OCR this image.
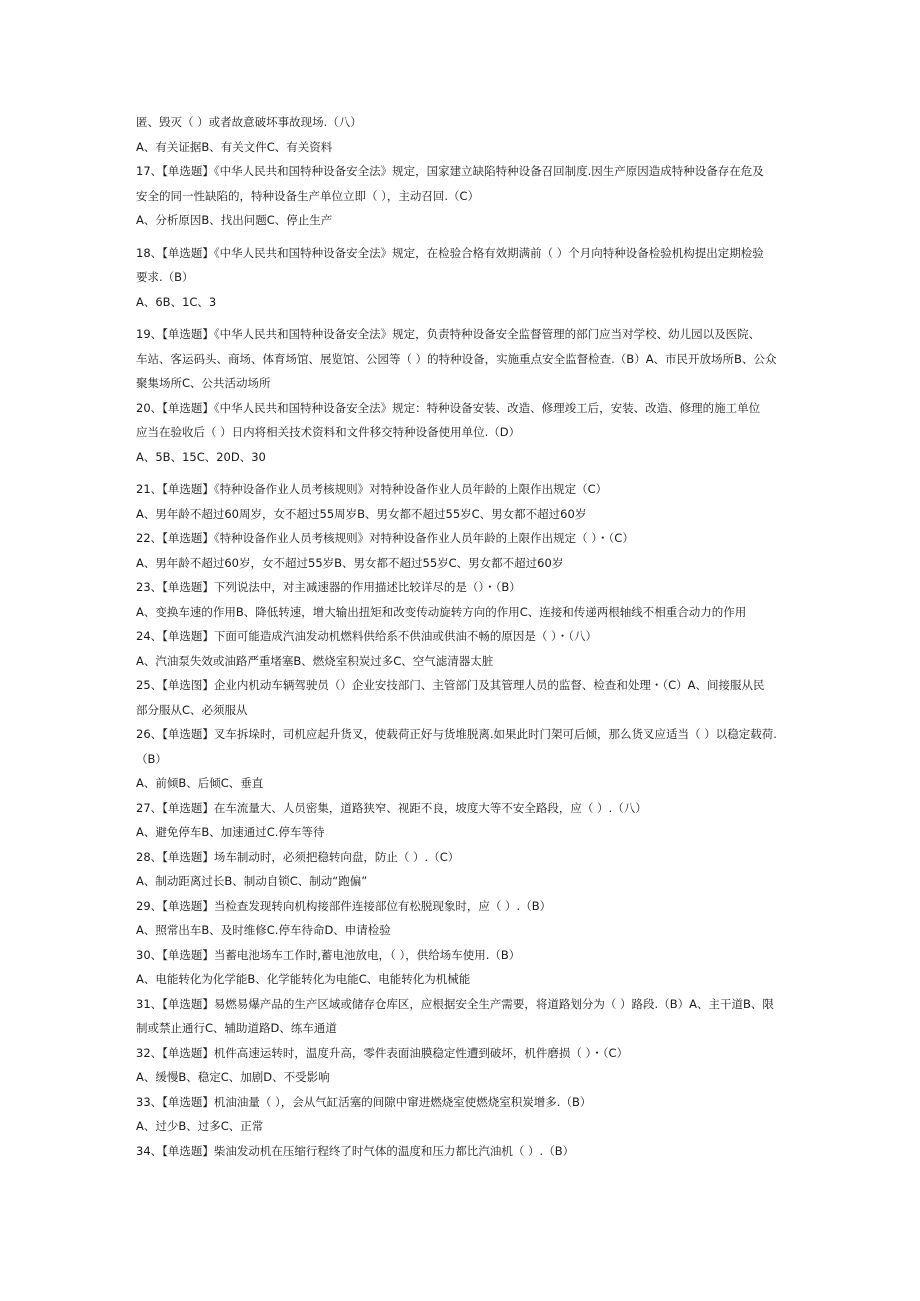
匿、毁灭（ ）或者故意破坏事故现场.（八）
A、有关证据B、有关文件C、有关资料
17、【单选题】《中华人民共和国特种设备安全法》规定，国家建立缺陷特种设备召回制度.因生产原因造成特种设备存在危及
安全的同一性缺陷的，特种设备生产单位立即（ ），主动召回.（C）
A、分析原因B、找出问题C、停止生产
18、【单选题】《中华人民共和国特种设备安全法》规定，在检验合格有效期满前（ ）个月向特种设备检验机构提出定期检验
要求.（B）
A、6B、1C、3
19、【单选题】《中华人民共和国特种设备安全法》规定，负责特种设备安全监督管理的部门应当对学校、幼儿园以及医院、
车站、客运码头、商场、体育场馆、展览馆、公园等（ ）的特种设备，实施重点安全监督检查.（B）A、市民开放场所B、公众
聚集场所C、公共活动场所
20、【单选题】《中华人民共和国特种设备安全法》规定：特种设备安装、改造、修理竣工后，安装、改造、修理的施工单位
应当在验收后（ ）日内将相关技术资料和文件移交特种设备使用单位.（D）
A、5B、15C、20D、30
21、【单选题】《特种设备作业人员考核规则》对特种设备作业人员年龄的上限作出规定（C）
A、男年龄不超过60周岁，女不超过55周岁B、男女都不超过55岁C、男女都不超过60岁
22、【单选题】《特种设备作业人员考核规则》对特种设备作业人员年龄的上限作出规定（ ）・（C）
A、男年龄不超过60岁，女不超过55岁B、男女都不超过55岁C、男女都不超过60岁
23、【单选题】下列说法中，对主减速器的作用描述比较详尽的是（）・（B）
A、变换车速的作用B、降低转速，增大输出扭矩和改变传动旋转方向的作用C、连接和传递两根轴线不相重合动力的作用
24、【单选题】下面可能造成汽油发动机燃料供给系不供油或供油不畅的原因是（ ）・（八）
A、汽油泵失效或油路严重堵塞B、燃烧室积炭过多C、空气滤清器太脏
25、【单选图】企业内机动车辆驾驶员（）企业安技部门、主管部门及其管理人员的监督、检查和处理・（C）A、间接服从民
部分服从C、必须服从
26、【单选题】叉车拆垛时，司机应起升货叉，使载荷正好与货堆脱离.如果此时门架可后倾，那么货叉应适当（ ）以稳定载荷.
（B）
A、前倾B、后倾C、垂直
27、【单选题】在车流量大、人员密集，道路狭窄、视距不良，坡度大等不安全路段，应（ ）.（八）
A、避免停车B、加速通过C.停车等待
28、【单选题】场车制动时，必须把稳转向盘，防止（ ）.（C）
A、制动距离过长B、制动自锁C、制动“跑偏”
29、【单选题】当检查发现转向机构接部件连接部位有松脱现象时，应（ ）.（B）
A、照常出车B、及时维修C.停车待命D、申请检验
30、【单选题】当蓄电池场车工作时,蓄电池放电，（ ），供给场车使用.（B）
A、电能转化为化学能B、化学能转化为电能C、电能转化为机械能
31、【单选题】易燃易爆产品的生产区域或储存仓库区，应根据安全生产需要，将道路划分为（ ）路段.（B）A、主干道B、限
制或禁止通行C、辅助道路D、练车通道
32、【单选题】机件高速运转时，温度升高，零件表面油膜稳定性遭到破坏，机件磨损（ ）・（C）
A、缓慢B、稳定C、加剧D、不受影响
33、【单选题】机油油量（ ），会从气缸活塞的间隙中窜进燃烧室使燃烧室积炭增多.（B）
A、过少B、过多C、正常
34、【单选题】柴油发动机在压缩行程终了时气体的温度和压力都比汽油机（ ）.（B）
